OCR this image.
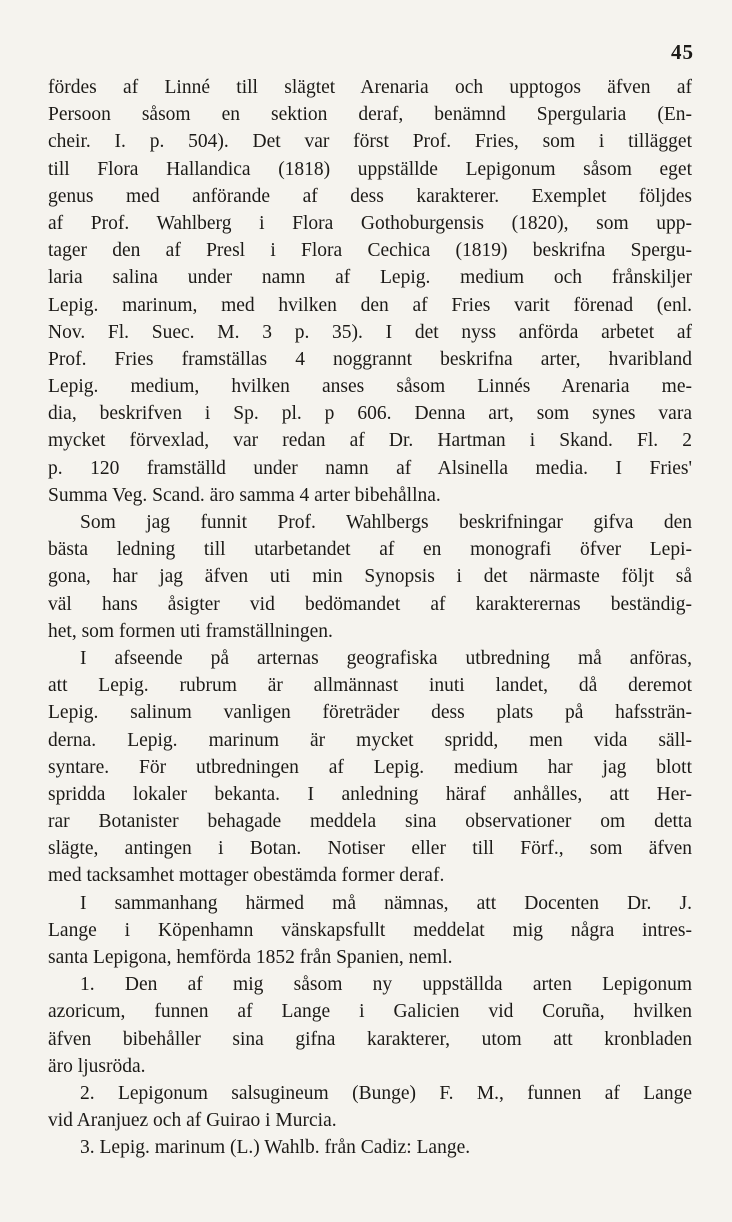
45
fördes af Linné till slägtet Arenaria och upptogos äfven af
Persoon såsom en sektion deraf, benämnd Spergularia (En-
cheir. I. p. 504). Det var först Prof. Fries, som i tillägget
till Flora Hallandica (1818) uppställde Lepigonum såsom eget
genus med anförande af dess karakterer. Exemplet följdes
af Prof. Wahlberg i Flora Gothoburgensis (1820), som upp-
tager den af Presl i Flora Cechica (1819) beskrifna Spergu-
laria salina under namn af Lepig. medium och frånskiljer
Lepig. marinum, med hvilken den af Fries varit förenad (enl.
Nov. Fl. Suec. M. 3 p. 35). I det nyss anförda arbetet af
Prof. Fries framställas 4 noggrannt beskrifna arter, hvaribland
Lepig. medium, hvilken anses såsom Linnés Arenaria me-
dia, beskrifven i Sp. pl. p 606. Denna art, som synes vara
mycket förvexlad, var redan af Dr. Hartman i Skand. Fl. 2
p. 120 framställd under namn af Alsinella media. I Fries'
Summa Veg. Scand. äro samma 4 arter bibehållna.
Som jag funnit Prof. Wahlbergs beskrifningar gifva den
bästa ledning till utarbetandet af en monografi öfver Lepi-
gona, har jag äfven uti min Synopsis i det närmaste följt så
väl hans åsigter vid bedömandet af karakterernas beständig-
het, som formen uti framställningen.
I afseende på arternas geografiska utbredning må anföras,
att Lepig. rubrum är allmännast inuti landet, då deremot
Lepig. salinum vanligen företräder dess plats på hafssträn-
derna. Lepig. marinum är mycket spridd, men vida säll-
syntare. För utbredningen af Lepig. medium har jag blott
spridda lokaler bekanta. I anledning häraf anhålles, att Her-
rar Botanister behagade meddela sina observationer om detta
slägte, antingen i Botan. Notiser eller till Förf., som äfven
med tacksamhet mottager obestämda former deraf.
I sammanhang härmed må nämnas, att Docenten Dr. J.
Lange i Köpenhamn vänskapsfullt meddelat mig några intres-
santa Lepigona, hemförda 1852 från Spanien, neml.
1. Den af mig såsom ny uppställda arten Lepigonum
azoricum, funnen af Lange i Galicien vid Coruña, hvilken
äfven bibehåller sina gifna karakterer, utom att kronbladen
äro ljusröda.
2. Lepigonum salsugineum (Bunge) F. M., funnen af Lange
vid Aranjuez och af Guirao i Murcia.
3. Lepig. marinum (L.) Wahlb. från Cadiz: Lange.
